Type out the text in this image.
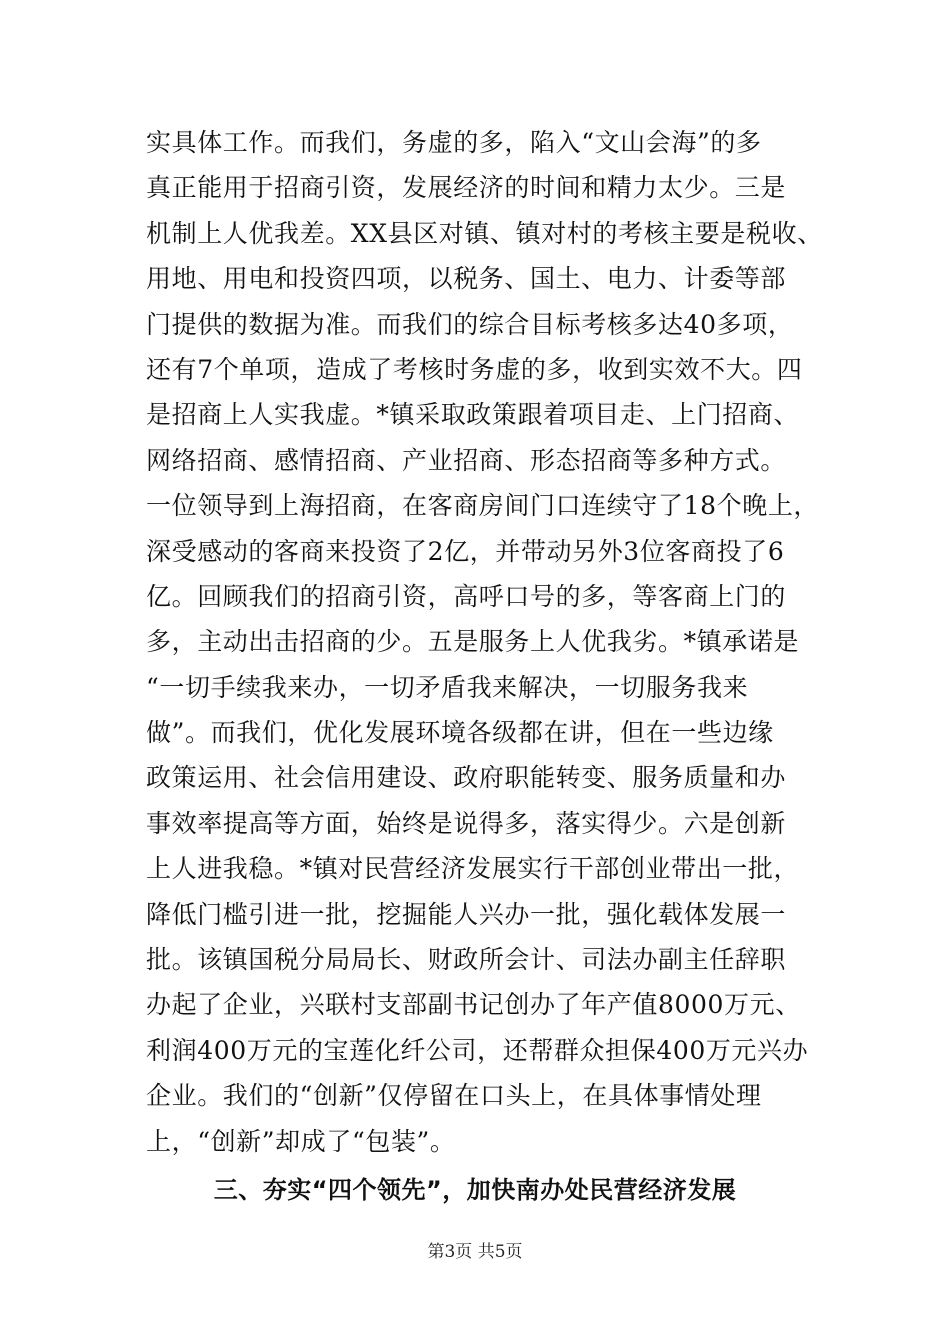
实具体工作。而我们，务虚的多，陷入“文山会海”的多
真正能用于招商引资，发展经济的时间和精力太少。三是
机制上人优我差。XX县区对镇、镇对村的考核主要是税收、
用地、用电和投资四项，以税务、国土、电力、计委等部
门提供的数据为准。而我们的综合目标考核多达40多项，
还有7个单项，造成了考核时务虚的多，收到实效不大。四
是招商上人实我虚。*镇采取政策跟着项目走、上门招商、
网络招商、感情招商、产业招商、形态招商等多种方式。
一位领导到上海招商，在客商房间门口连续守了18个晚上，
深受感动的客商来投资了2亿，并带动另外3位客商投了6
亿。回顾我们的招商引资，高呼口号的多，等客商上门的
多，主动出击招商的少。五是服务上人优我劣。*镇承诺是
“一切手续我来办，一切矛盾我来解决，一切服务我来
做”。而我们，优化发展环境各级都在讲，但在一些边缘
政策运用、社会信用建设、政府职能转变、服务质量和办
事效率提高等方面，始终是说得多，落实得少。六是创新
上人进我稳。*镇对民营经济发展实行干部创业带出一批，
降低门槛引进一批，挖掘能人兴办一批，强化载体发展一
批。该镇国税分局局长、财政所会计、司法办副主任辞职
办起了企业，兴联村支部副书记创办了年产值8000万元、
利润400万元的宝莲化纤公司，还帮群众担保400万元兴办
企业。我们的“创新”仅停留在口头上，在具体事情处理
上，“创新”却成了“包装”。
三、夯实“四个领先”，加快南办处民营经济发展
第3页 共5页
